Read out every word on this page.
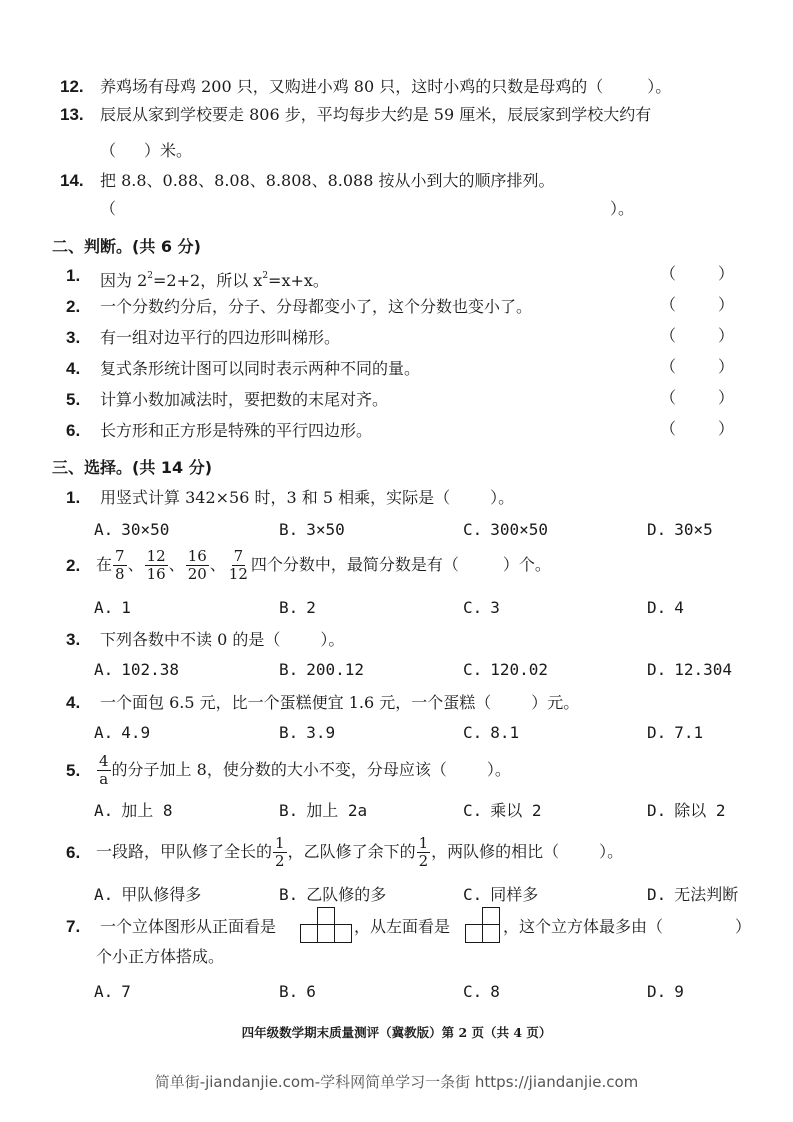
12. 养鸡场有母鸡 200 只，又购进小鸡 80 只，这时小鸡的只数是母鸡的（	）。
13. 辰辰从家到学校要走 806 步，平均每步大约是 59 厘米，辰辰家到学校大约有
（ ）米。
14. 把 8.8、0.88、8.08、8.808、8.088 按从小到大的顺序排列。
（	）。
二、判断。(共 6 分)
1. 因为 $2^2=2+2$，所以 $x^2=x+x$。
2. 一个分数约分后，分子、分母都变小了，这个分数也变小了。
3. 有一组对边平行的四边形叫梯形。
4. 复式条形统计图可以同时表示两种不同的量。
5. 计算小数加减法时，要把数的末尾对齐。
6. 长方形和正方形是特殊的平行四边形。
（	）
（	）
（	）
（	）
（	）
（	）
三、选择。(共 14 分)
1. 用竖式计算 342×56 时，3 和 5 相乘，实际是（	）。
A. 30×50	B. 3×50	C. 300×50	D. 30×5
2. 在 $\frac{7}{8}$ 、 $\frac{12}{16}$ 、 $\frac{16}{20}$ 、 $\frac{7}{12}$ 四个分数中，最简分数是有（	）个。
A. 1	B. 2	C. 3	D. 4
3. 下列各数中不读 0 的是（	）。
A. 102.38	B. 200.12	C. 120.02	D. 12.304
4. 一个面包 6.5 元，比一个蛋糕便宜 1.6 元，一个蛋糕（	）元。
A. 4.9	B. 3.9	C. 8.1	D. 7.1
5. $\frac{4}{a}$ 的分子加上 8，使分数的大小不变，分母应该（	）。
A. 加上 8	B. 加上 2a	C. 乘以 2	D. 除以 2
6. 一段路，甲队修了全长的 $\frac{1}{2}$ ，乙队修了余下的 $\frac{1}{2}$ ，两队修的相比（	）。
A. 甲队修得多	B. 乙队修的多	C. 同样多	D. 无法判断
7. 一个立体图形从正面看是	，从左面看是	，这个立方体最多由（	）
个小正方体搭成。
A. 7	B. 6	C. 8	D. 9
四年级数学期末质量测评（冀教版）第 2 页（共 4 页）
简单街-jiandanjie.com-学科网简单学习一条街 https://jiandanjie.com
